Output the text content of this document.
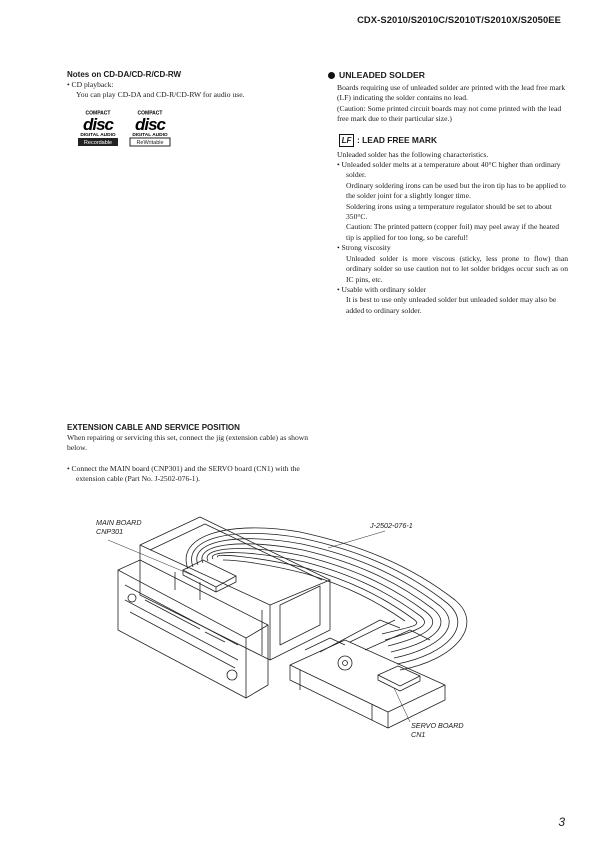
CDX-S2010/S2010C/S2010T/S2010X/S2050EE
Notes on CD-DA/CD-R/CD-RW

• CD playback:

You can play CD-DA and CD-R/CD-RW for audio use.

COMPACT
disc
DIGITAL AUDIO
Recordable
COMPACT
disc
DIGITAL AUDIO
ReWritable
UNLEADED SOLDER

Boards requiring use of unleaded solder are printed with the lead free mark (LF) indicating the solder contains no lead.

(Caution: Some printed circuit boards may not come printed with the lead free mark due to their particular size.)

LF : LEAD FREE MARK

Unleaded solder has the following characteristics.

• Unleaded solder melts at a temperature about 40°C higher than ordinary solder.

Ordinary soldering irons can be used but the iron tip has to be applied to the solder joint for a slightly longer time.

Soldering irons using a temperature regulator should be set to about 350°C.

Caution: The printed pattern (copper foil) may peel away if the heated tip is applied for too long, so be careful!

• Strong viscosity

Unleaded solder is more viscous (sticky, less prone to flow) than ordinary solder so use caution not to let solder bridges occur such as on IC pins, etc.

• Usable with ordinary solder

It is best to use only unleaded solder but unleaded solder may also be added to ordinary solder.

EXTENSION CABLE AND SERVICE POSITION

When repairing or servicing this set, connect the jig (extension cable) as shown below.

• Connect the MAIN board (CNP301) and the SERVO board (CN1) with the extension cable (Part No. J-2502-076-1).

MAIN BOARD
CNP301
J-2502-076-1
SERVO BOARD
CN1
3
